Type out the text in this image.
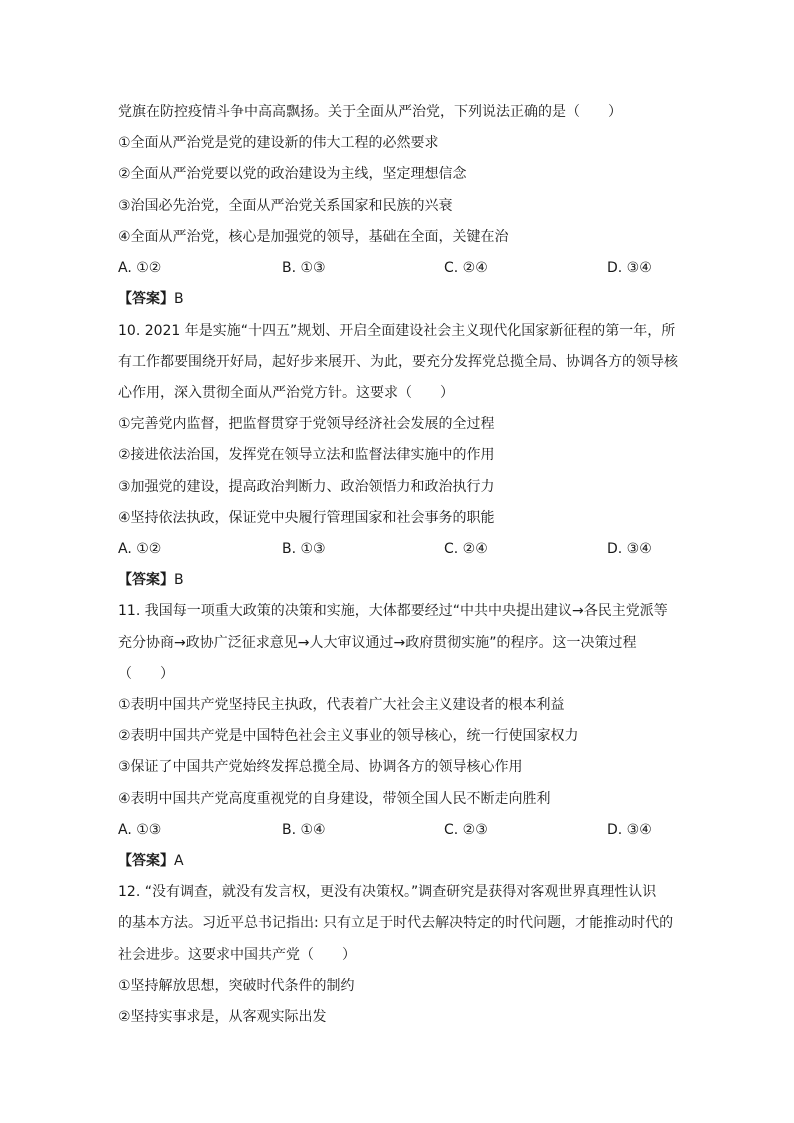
党旗在防控疫情斗争中高高飘扬。关于全面从严治党，下列说法正确的是（　　）
①全面从严治党是党的建设新的伟大工程的必然要求
②全面从严治党要以党的政治建设为主线，坚定理想信念
③治国必先治党，全面从严治党关系国家和民族的兴衰
④全面从严治党，核心是加强党的领导，基础在全面，关键在治
A. ①②	B. ①③	C. ②④	D. ③④
【答案】B
10. 2021 年是实施“十四五”规划、开启全面建设社会主义现代化国家新征程的第一年，所
有工作都要围绕开好局，起好步来展开、为此，要充分发挥党总揽全局、协调各方的领导核
心作用，深入贯彻全面从严治党方针。这要求（　　）
①完善党内监督，把监督贯穿于党领导经济社会发展的全过程
②接进依法治国，发挥党在领导立法和监督法律实施中的作用
③加强党的建设，提高政治判断力、政治领悟力和政治执行力
④坚持依法执政，保证党中央履行管理国家和社会事务的职能
A. ①②	B. ①③	C. ②④	D. ③④
【答案】B
11. 我国每一项重大政策的决策和实施，大体都要经过“中共中央提出建议→各民主党派等
充分协商→政协广泛征求意见→人大审议通过→政府贯彻实施”的程序。这一决策过程
（　　）
①表明中国共产党坚持民主执政，代表着广大社会主义建设者的根本利益
②表明中国共产党是中国特色社会主义事业的领导核心，统一行使国家权力
③保证了中国共产党始终发挥总揽全局、协调各方的领导核心作用
④表明中国共产党高度重视党的自身建设，带领全国人民不断走向胜利
A. ①③	B. ①④	C. ②③	D. ③④
【答案】A
12. “没有调查，就没有发言权，更没有决策权。”调查研究是获得对客观世界真理性认识
的基本方法。习近平总书记指出: 只有立足于时代去解决特定的时代问题，才能推动时代的
社会进步。这要求中国共产党（　　）
①坚持解放思想，突破时代条件的制约
②坚持实事求是，从客观实际出发
